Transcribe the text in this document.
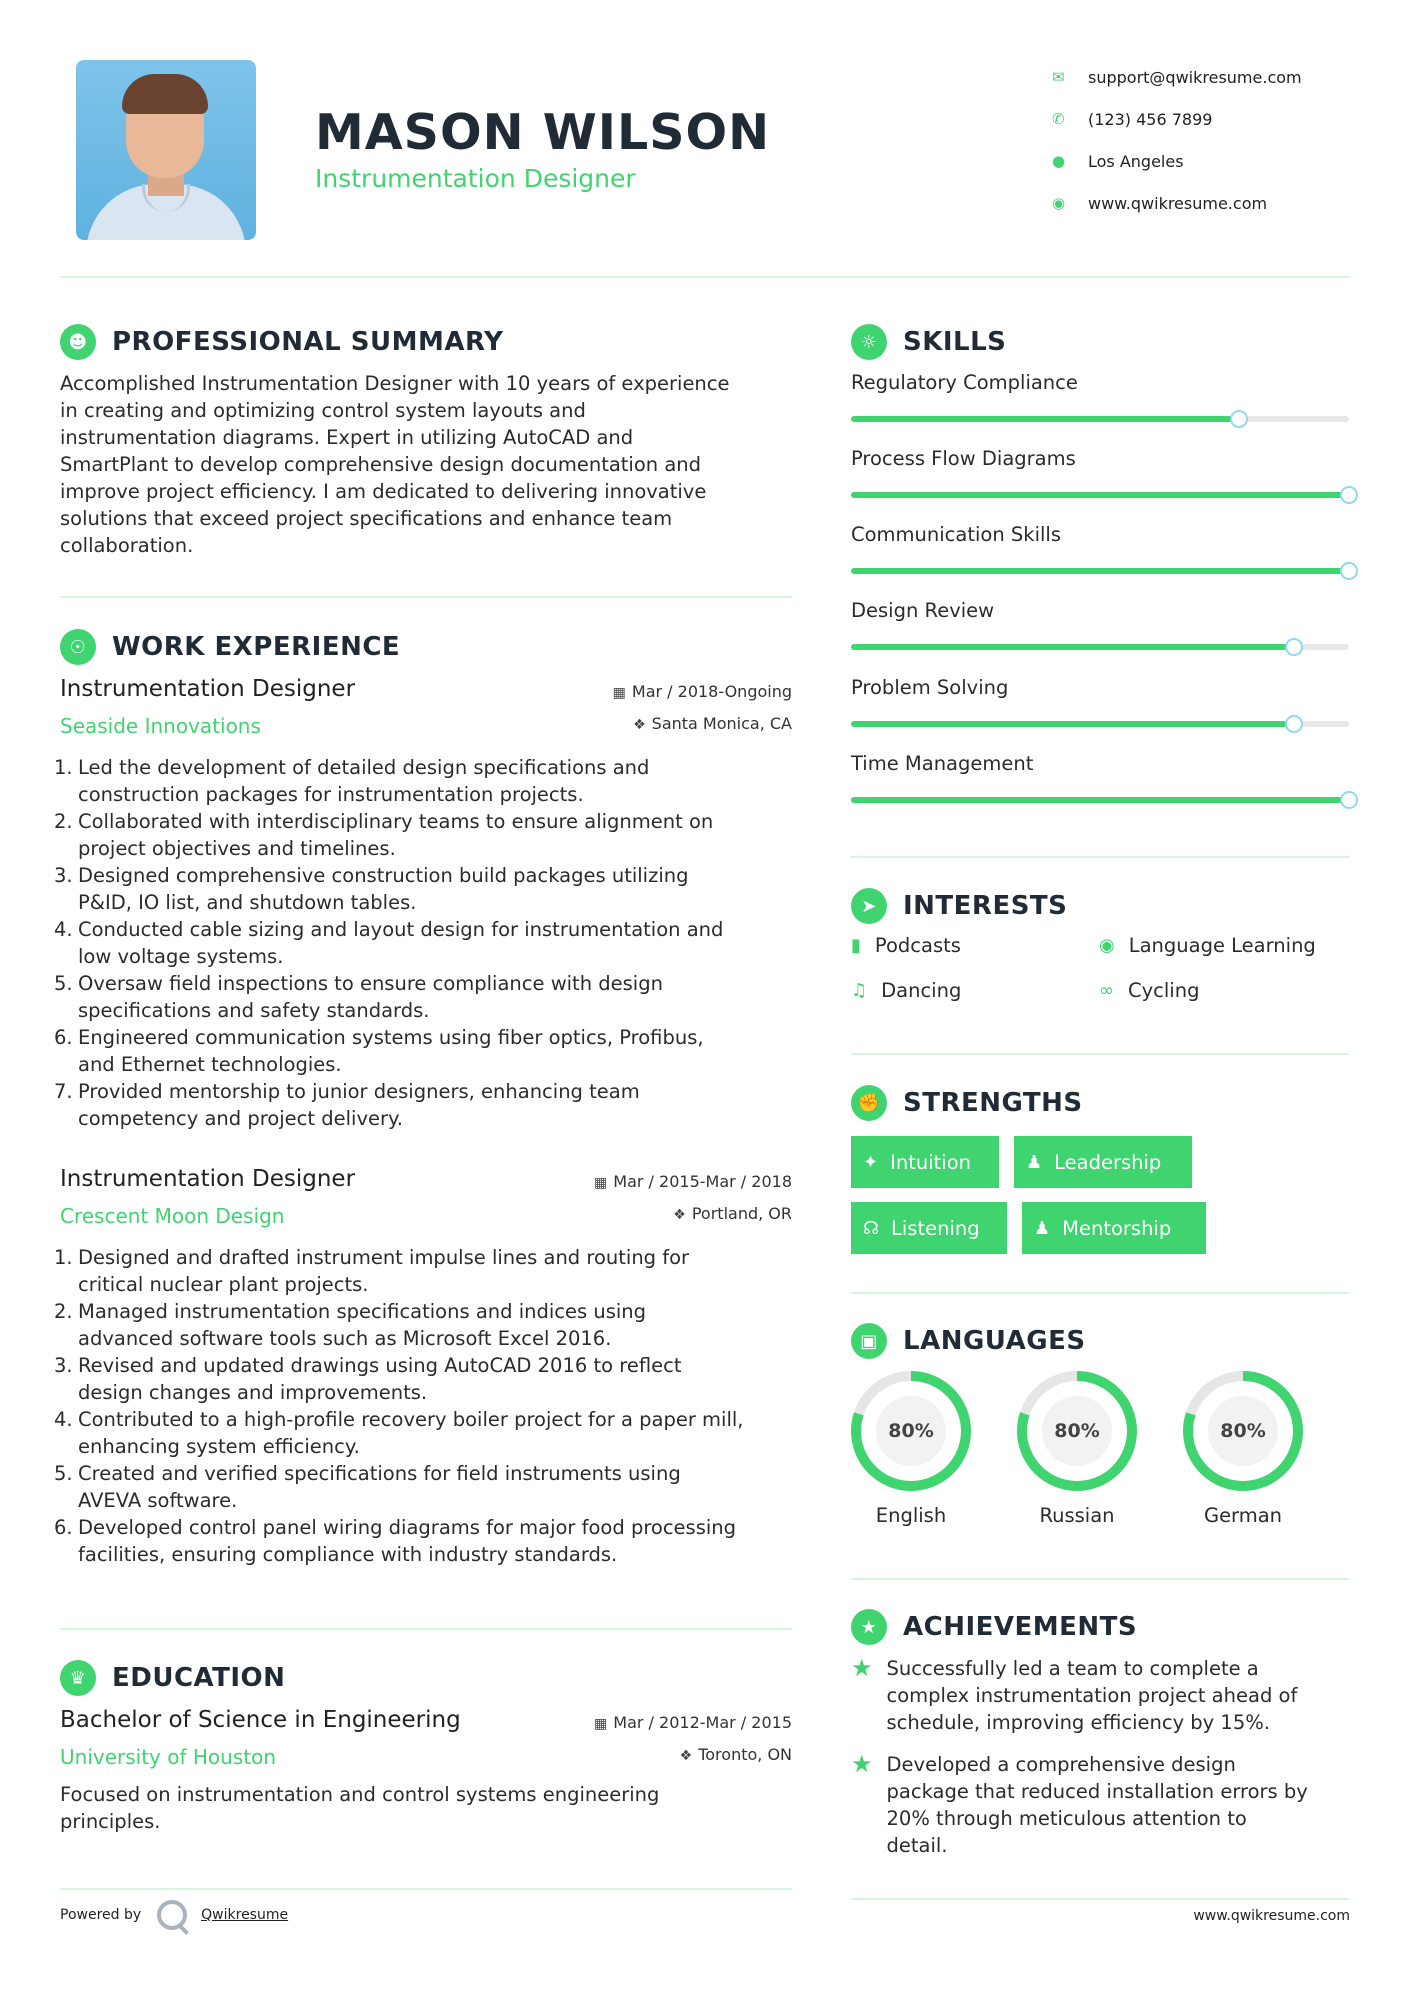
MASON WILSON
Instrumentation Designer
✉	support@qwikresume.com
✆	(123) 456 7899
●	Los Angeles
◉	www.qwikresume.com
☻ PROFESSIONAL SUMMARY
Accomplished Instrumentation Designer with 10 years of experience
in creating and optimizing control system layouts and
instrumentation diagrams. Expert in utilizing AutoCAD and
SmartPlant to develop comprehensive design documentation and
improve project efficiency. I am dedicated to delivering innovative
solutions that exceed project specifications and enhance team
collaboration.
☉ WORK EXPERIENCE
Instrumentation Designer
Seaside Innovations
▦ Mar / 2018-Ongoing
❖ Santa Monica, CA
1. Led the development of detailed design specifications and
construction packages for instrumentation projects.
2. Collaborated with interdisciplinary teams to ensure alignment on
project objectives and timelines.
3. Designed comprehensive construction build packages utilizing
P&ID, IO list, and shutdown tables.
4. Conducted cable sizing and layout design for instrumentation and
low voltage systems.
5. Oversaw field inspections to ensure compliance with design
specifications and safety standards.
6. Engineered communication systems using fiber optics, Profibus,
and Ethernet technologies.
7. Provided mentorship to junior designers, enhancing team
competency and project delivery.
Instrumentation Designer
Crescent Moon Design
▦ Mar / 2015-Mar / 2018
❖ Portland, OR
1. Designed and drafted instrument impulse lines and routing for
critical nuclear plant projects.
2. Managed instrumentation specifications and indices using
advanced software tools such as Microsoft Excel 2016.
3. Revised and updated drawings using AutoCAD 2016 to reflect
design changes and improvements.
4. Contributed to a high-profile recovery boiler project for a paper mill,
enhancing system efficiency.
5. Created and verified specifications for field instruments using
AVEVA software.
6. Developed control panel wiring diagrams for major food processing
facilities, ensuring compliance with industry standards.
♛ EDUCATION
Bachelor of Science in Engineering
University of Houston
▦ Mar / 2012-Mar / 2015
❖ Toronto, ON
Focused on instrumentation and control systems engineering
principles.
Powered by	Qwikresume
☼ SKILLS
Regulatory Compliance
Process Flow Diagrams
Communication Skills
Design Review
Problem Solving
Time Management
➤	INTERESTS
▮ Podcasts	◉ Language Learning
♫ Dancing	∞ Cycling
✊ STRENGTHS
✦ Intuition	♟ Leadership
☊ Listening	♟ Mentorship
▣ LANGUAGES
80%
English
80%
Russian
80%
German
★ ACHIEVEMENTS
★ Successfully led a team to complete a
complex instrumentation project ahead of
schedule, improving efficiency by 15%.
★ Developed a comprehensive design
package that reduced installation errors by
20% through meticulous attention to
detail.
www.qwikresume.com
